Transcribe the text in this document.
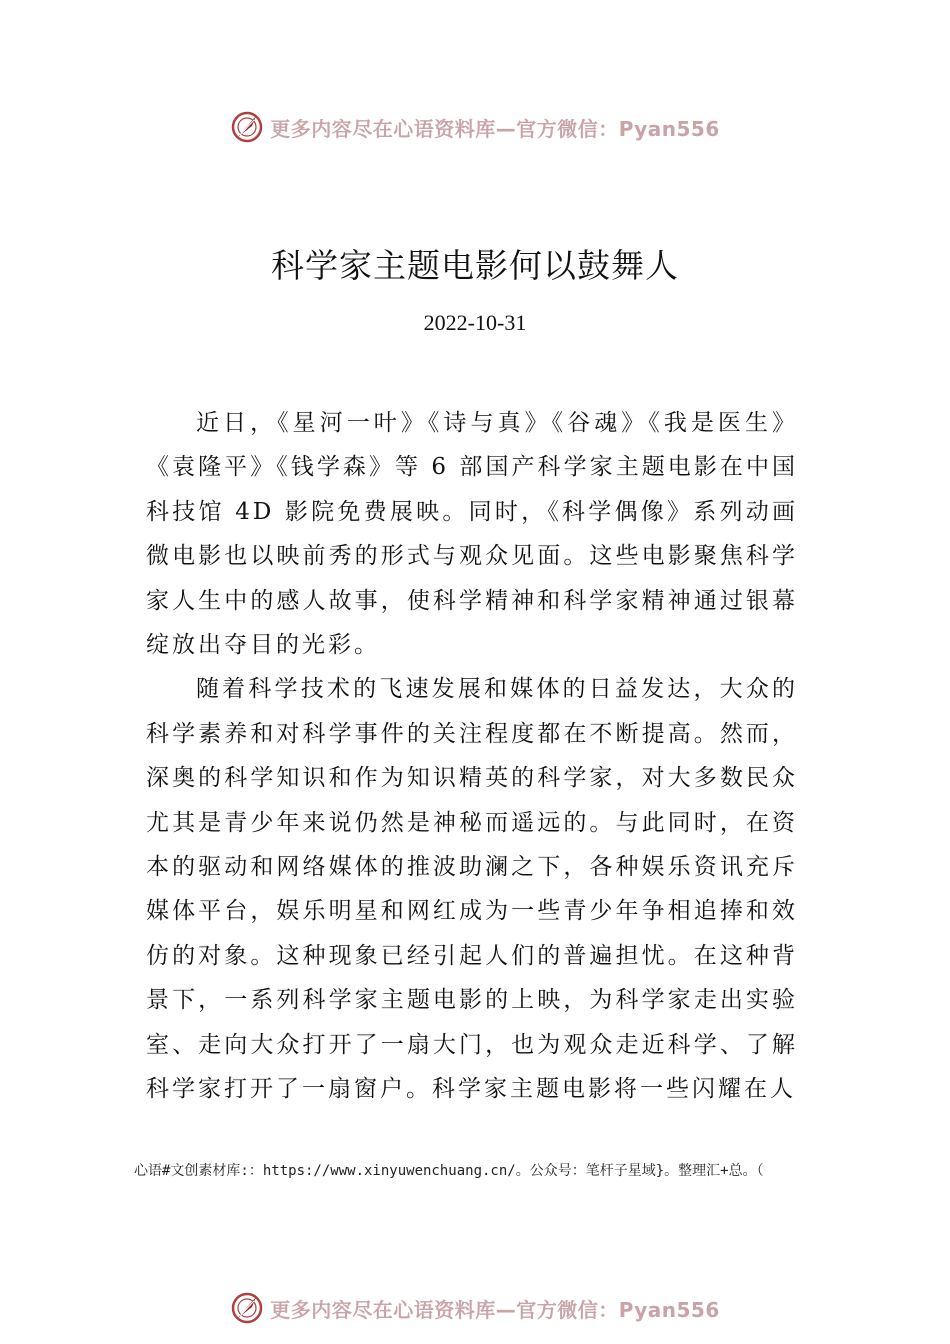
更多内容尽在心语资料库—官方微信：Pyan556
科学家主题电影何以鼓舞人
2022-10-31

近日，《星河一叶》《诗与真》《谷魂》《我是医生》《袁隆平》《钱学森》等 6 部国产科学家主题电影在中国科技馆 4D 影院免费展映。同时，《科学偶像》系列动画微电影也以映前秀的形式与观众见面。这些电影聚焦科学家人生中的感人故事，使科学精神和科学家精神通过银幕绽放出夺目的光彩。

随着科学技术的飞速发展和媒体的日益发达，大众的科学素养和对科学事件的关注程度都在不断提高。然而， 深奥的科学知识和作为知识精英的科学家，对大多数民众尤其是青少年来说仍然是神秘而遥远的。与此同时，在资本的驱动和网络媒体的推波助澜之下，各种娱乐资讯充斥媒体平台，娱乐明星和网红成为一些青少年争相追捧和效仿的对象。这种现象已经引起人们的普遍担忧。在这种背景下，一系列科学家主题电影的上映，为科学家走出实验室、走向大众打开了一扇大门，也为观众走近科学、了解科学家打开了一扇窗户。科学家主题电影将一些闪耀在人

心语#文创素材库:：https://www.xinyuwenchuang.cn/。公众号：笔杆子星域}。整理汇+总。（
更多内容尽在心语资料库—官方微信：Pyan556
